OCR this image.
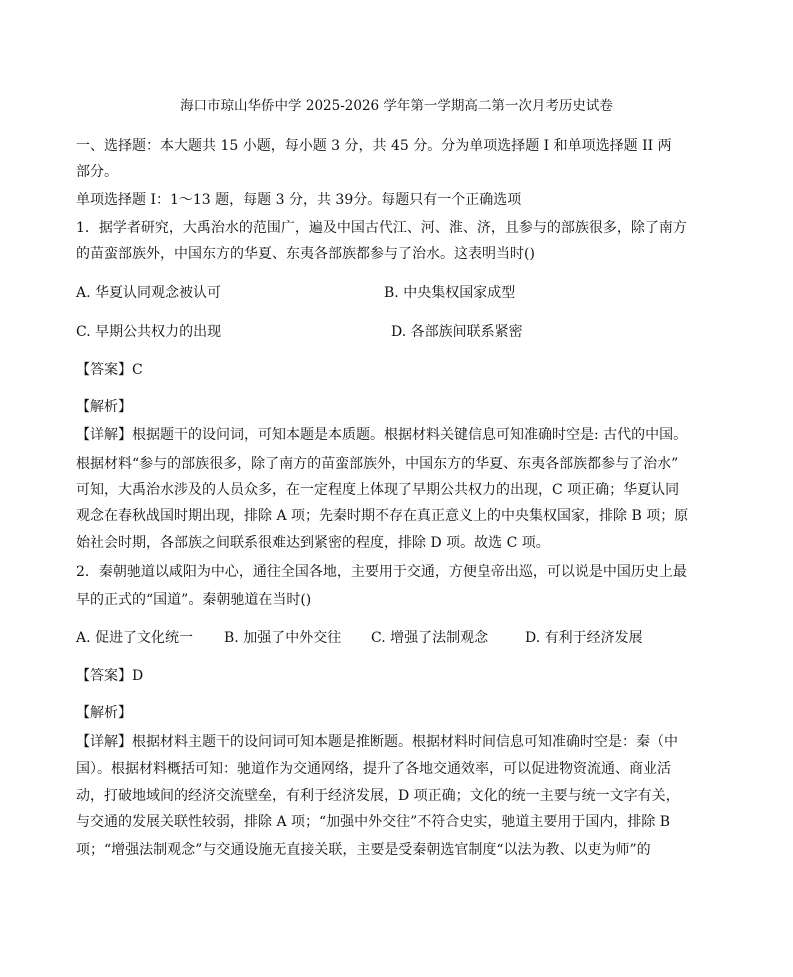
海口市琼山华侨中学 2025-2026 学年第一学期高二第一次月考历史试卷
一、选择题：本大题共 15 小题，每小题 3 分，共 45 分。分为单项选择题 I 和单项选择题 II 两
部分。
单项选择题 I：1～13 题，每题 3 分，共 39分。每题只有一个正确选项
1．据学者研究，大禹治水的范围广，遍及中国古代江、河、淮、济，且参与的部族很多，除了南方
的苗蛮部族外，中国东方的华夏、东夷各部族都参与了治水。这表明当时()
A. 华夏认同观念被认可	B. 中央集权国家成型
C. 早期公共权力的出现	D. 各部族间联系紧密
【答案】C
【解析】
【详解】根据题干的设问词，可知本题是本质题。根据材料关键信息可知准确时空是: 古代的中国。
根据材料“参与的部族很多，除了南方的苗蛮部族外，中国东方的华夏、东夷各部族都参与了治水”
可知，大禹治水涉及的人员众多，在一定程度上体现了早期公共权力的出现，C 项正确；华夏认同
观念在春秋战国时期出现，排除 A 项；先秦时期不存在真正意义上的中央集权国家，排除 B 项；原
始社会时期，各部族之间联系很难达到紧密的程度，排除 D 项。故选 C 项。
2．秦朝驰道以咸阳为中心，通往全国各地，主要用于交通，方便皇帝出巡，可以说是中国历史上最
早的正式的“国道”。秦朝驰道在当时()
A. 促进了文化统一 B. 加强了中外交往 C. 增强了法制观念	D. 有利于经济发展
【答案】D
【解析】
【详解】根据材料主题干的设问词可知本题是推断题。根据材料时间信息可知准确时空是：秦（中
国）。根据材料概括可知：驰道作为交通网络，提升了各地交通效率，可以促进物资流通、商业活
动，打破地域间的经济交流壁垒，有利于经济发展，D 项正确；文化的统一主要与统一文字有关，
与交通的发展关联性较弱，排除 A 项；“加强中外交往”不符合史实，驰道主要用于国内，排除 B
项；“增强法制观念”与交通设施无直接关联，主要是受秦朝选官制度“以法为教、以吏为师”的
